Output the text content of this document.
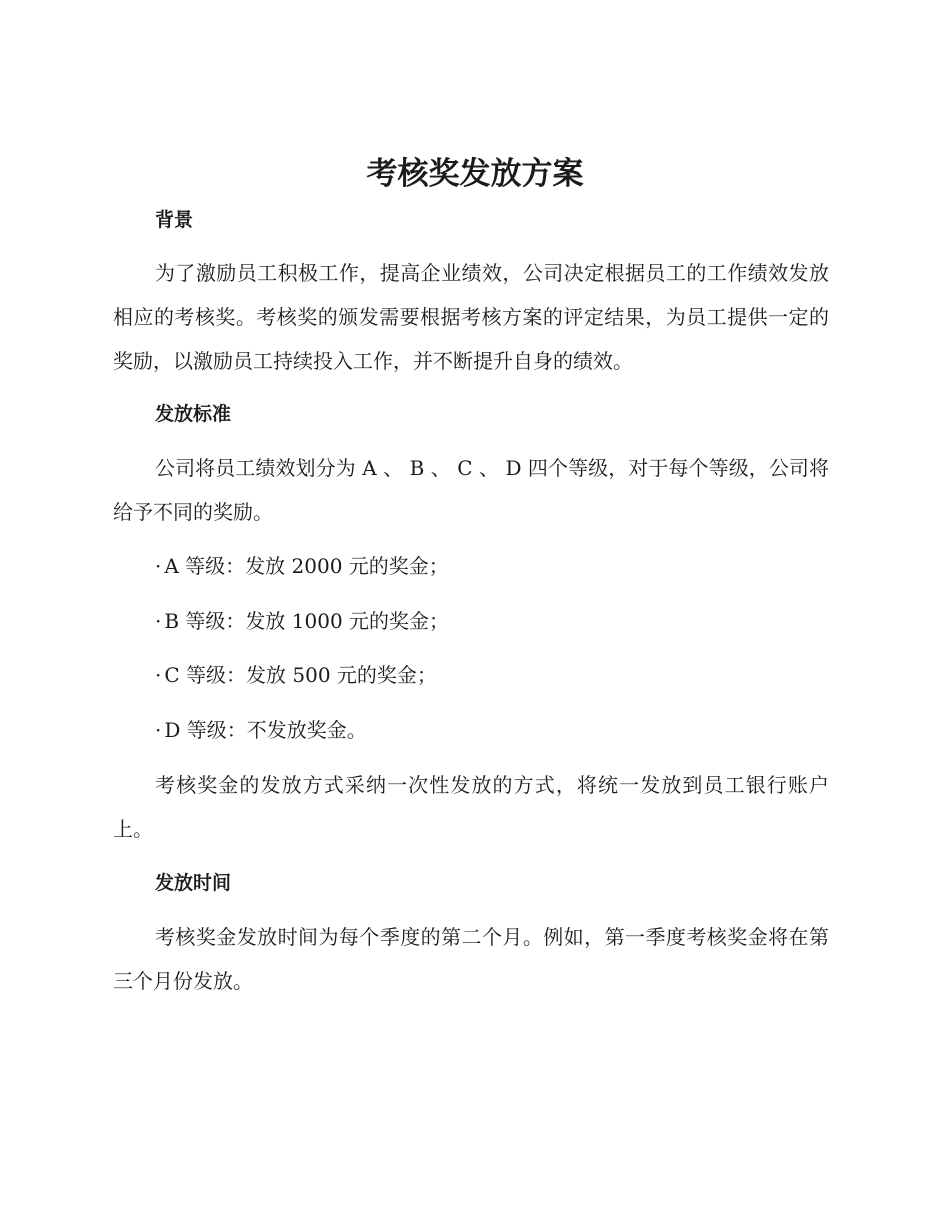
考核奖发放方案
背景

为了激励员工积极工作，提高企业绩效，公司决定根据员工的工作绩效发放相应的考核奖。考核奖的颁发需要根据考核方案的评定结果，为员工提供一定的奖励，以激励员工持续投入工作，并不断提升自身的绩效。

发放标准

公司将员工绩效划分为 A 、 B 、 C 、 D 四个等级，对于每个等级，公司将给予不同的奖励。

· A 等级：发放 2000 元的奖金；

· B 等级：发放 1000 元的奖金；

· C 等级：发放 500 元的奖金；

· D 等级：不发放奖金。

考核奖金的发放方式采纳一次性发放的方式，将统一发放到员工银行账户上。

发放时间

考核奖金发放时间为每个季度的第二个月。例如，第一季度考核奖金将在第三个月份发放。
